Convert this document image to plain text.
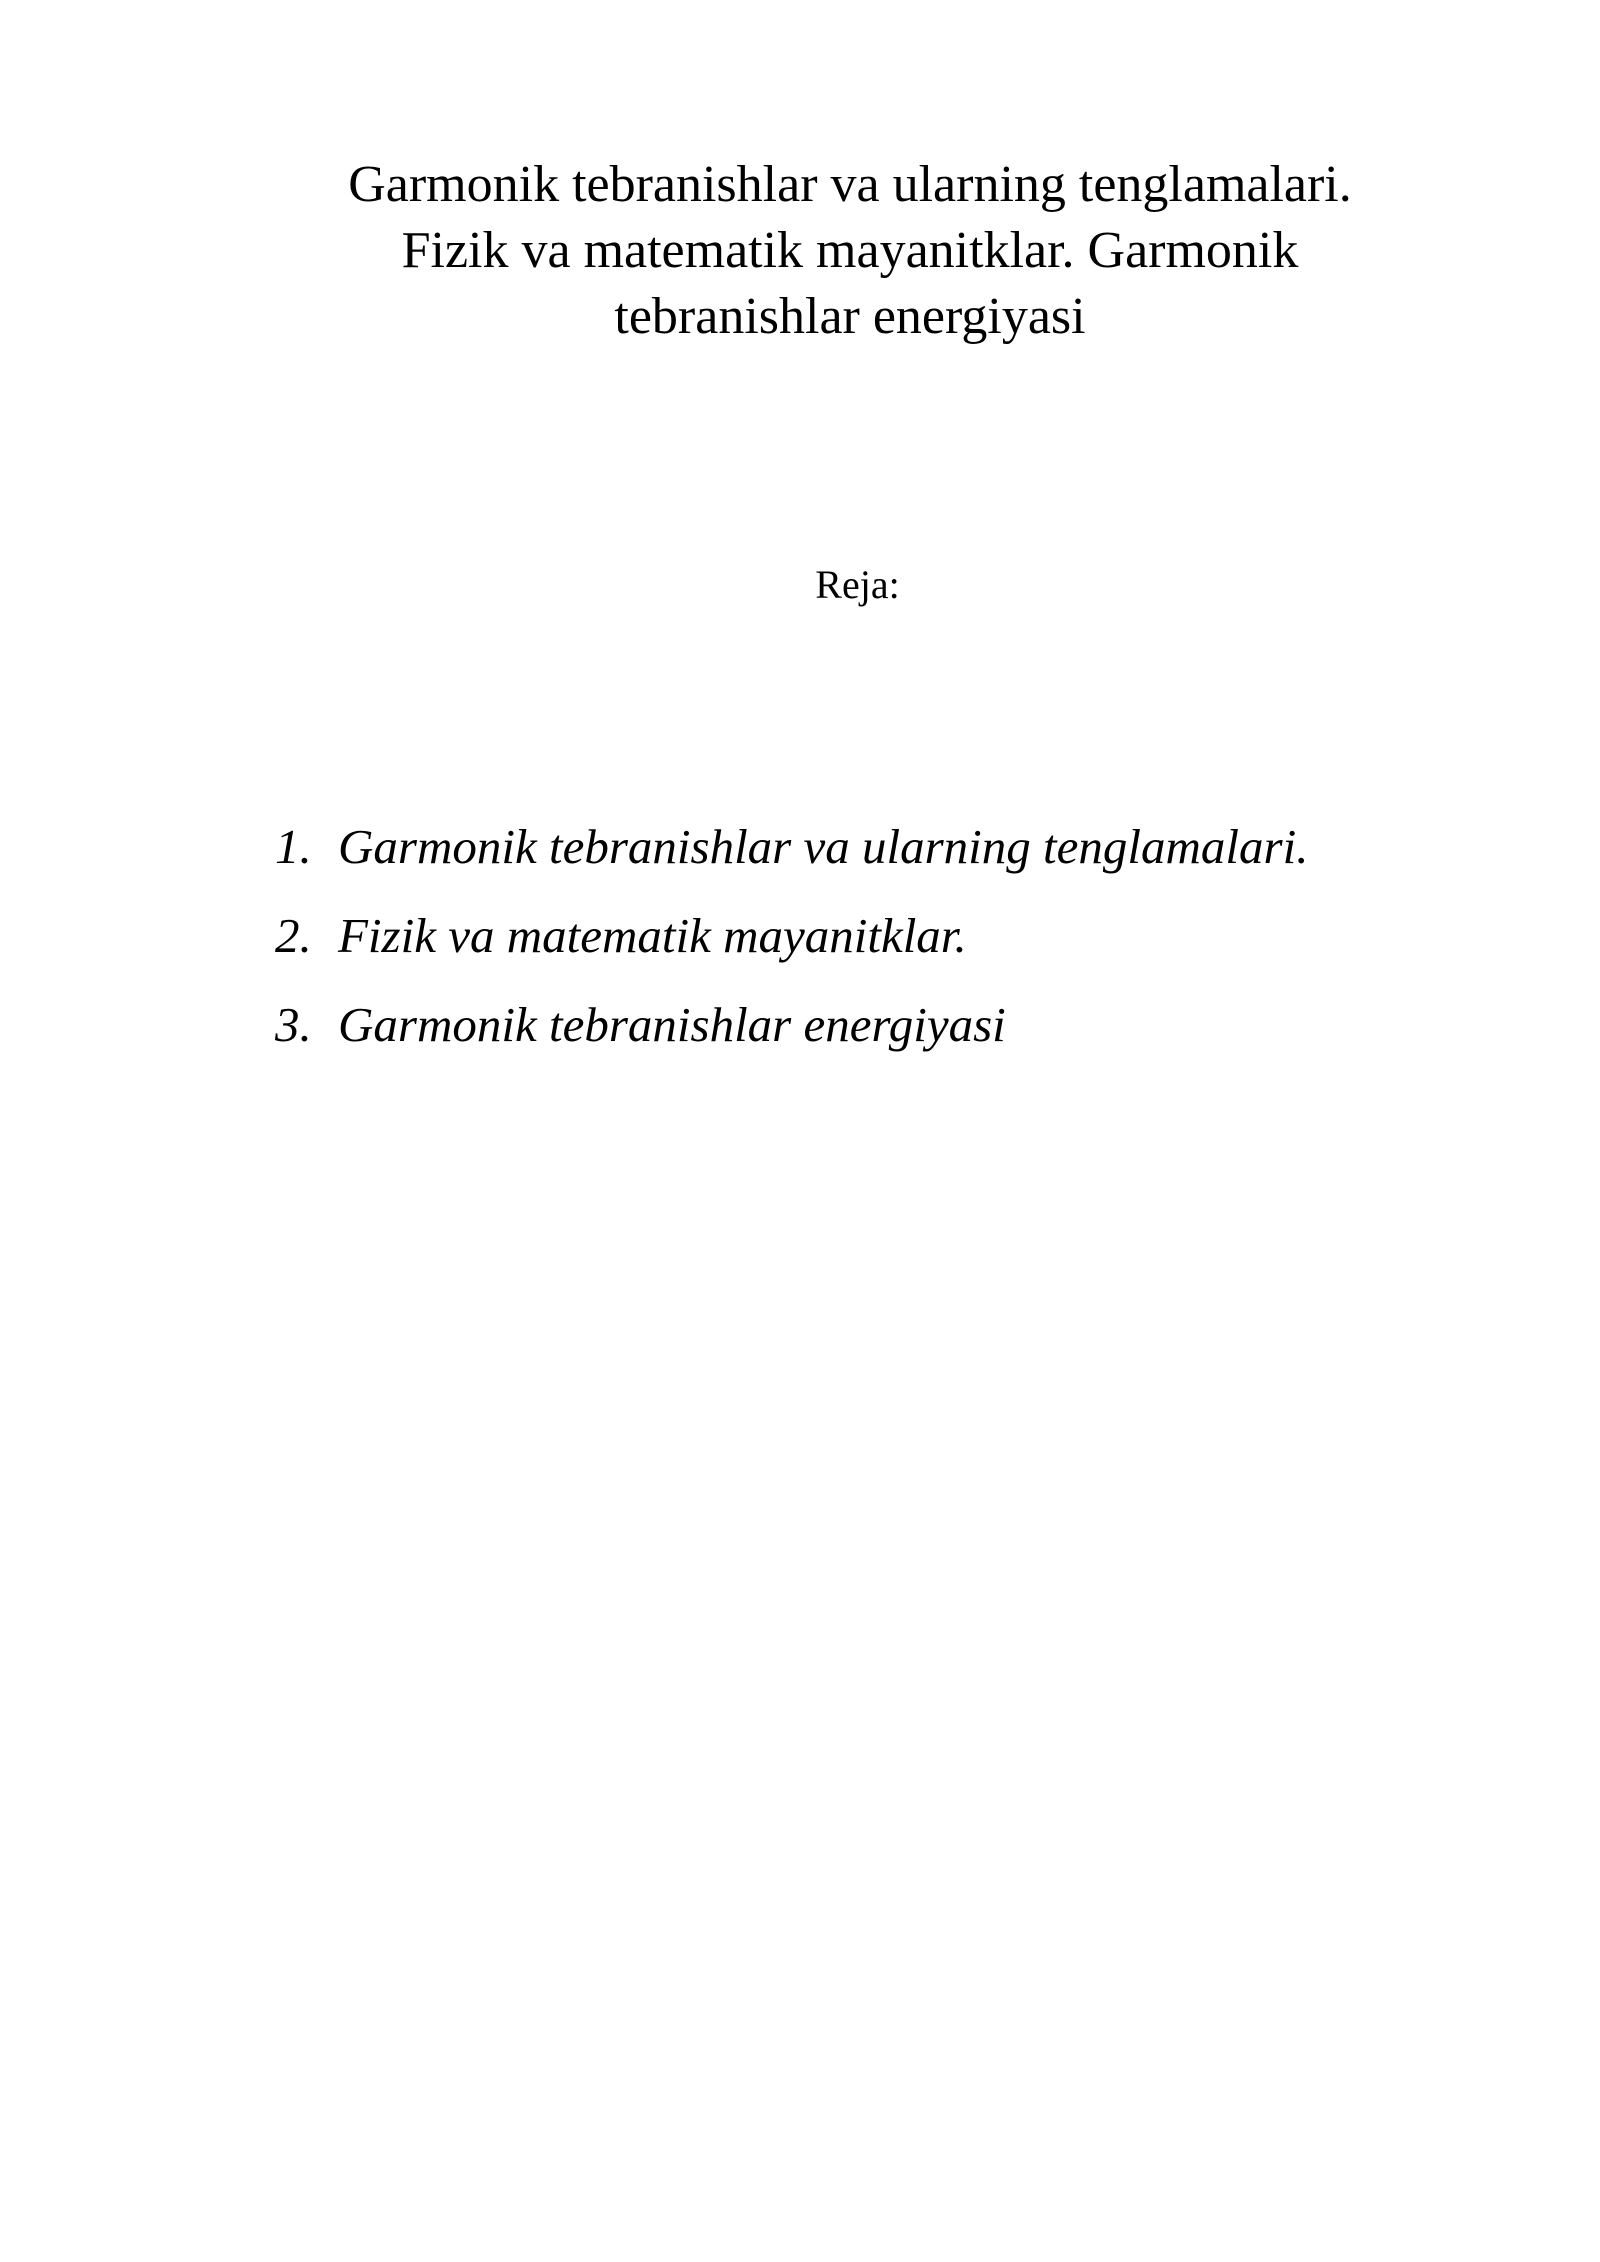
Garmonik tebranishlar va ularning tenglamalari.
Fizik va matematik mayanitklar. Garmonik
tebranishlar energiyasi
Reja:
1. Garmonik tebranishlar va ularning tenglamalari.
2. Fizik va matematik mayanitklar.
3. Garmonik tebranishlar energiyasi
